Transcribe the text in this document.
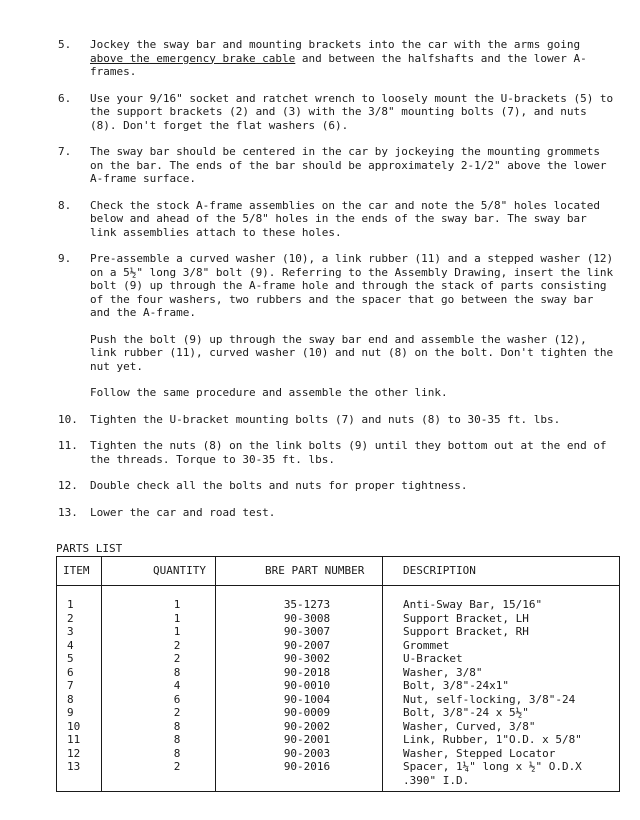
5.	Jockey the sway bar and mounting brackets into the car with the arms going above the emergency brake cable and between the halfshafts and the lower A-frames.
6.	Use your 9/16" socket and ratchet wrench to loosely mount the U-brackets (5) to the support brackets (2) and (3) with the 3/8" mounting bolts (7), and nuts (8). Don't forget the flat washers (6).
7.	The sway bar should be centered in the car by jockeying the mounting grommets on the bar. The ends of the bar should be approximately 2-1/2" above the lower A-frame surface.
8.	Check the stock A-frame assemblies on the car and note the 5/8" holes located below and ahead of the 5/8" holes in the ends of the sway bar. The sway bar link assemblies attach to these holes.
9.	Pre-assemble a curved washer (10), a link rubber (11) and a stepped washer (12) on a 5½" long 3/8" bolt (9). Referring to the Assembly Drawing, insert the link bolt (9) up through the A-frame hole and through the stack of parts consisting of the four washers, two rubbers and the spacer that go between the sway bar and the A-frame.

Push the bolt (9) up through the sway bar end and assemble the washer (12), link rubber (11), curved washer (10) and nut (8) on the bolt. Don't tighten the nut yet.

Follow the same procedure and assemble the other link.

10.	Tighten the U-bracket mounting bolts (7) and nuts (8) to 30-35 ft. lbs.
11.	Tighten the nuts (8) on the link bolts (9) until they bottom out at the end of the threads. Torque to 30-35 ft. lbs.
12.	Double check all the bolts and nuts for proper tightness.
13.	Lower the car and road test.
PARTS LIST
ITEM	QUANTITY	BRE PART NUMBER	DESCRIPTION
1	1	35-1273	Anti-Sway Bar, 15/16"
2	1	90-3008	Support Bracket, LH
3	1	90-3007	Support Bracket, RH
4	2	90-2007	Grommet
5	2	90-3002	U-Bracket
6	8	90-2018	Washer, 3/8"
7	4	90-0010	Bolt, 3/8"-24x1"
8	6	90-1004	Nut, self-locking, 3/8"-24
9	2	90-0009	Bolt, 3/8"-24 x 5½"
10	8	90-2002	Washer, Curved, 3/8"
11	8	90-2001	Link, Rubber, 1"O.D. x 5/8"
12	8	90-2003	Washer, Stepped Locator
13	2	90-2016	Spacer, 1¼" long x ½" O.D.X
.390" I.D.
